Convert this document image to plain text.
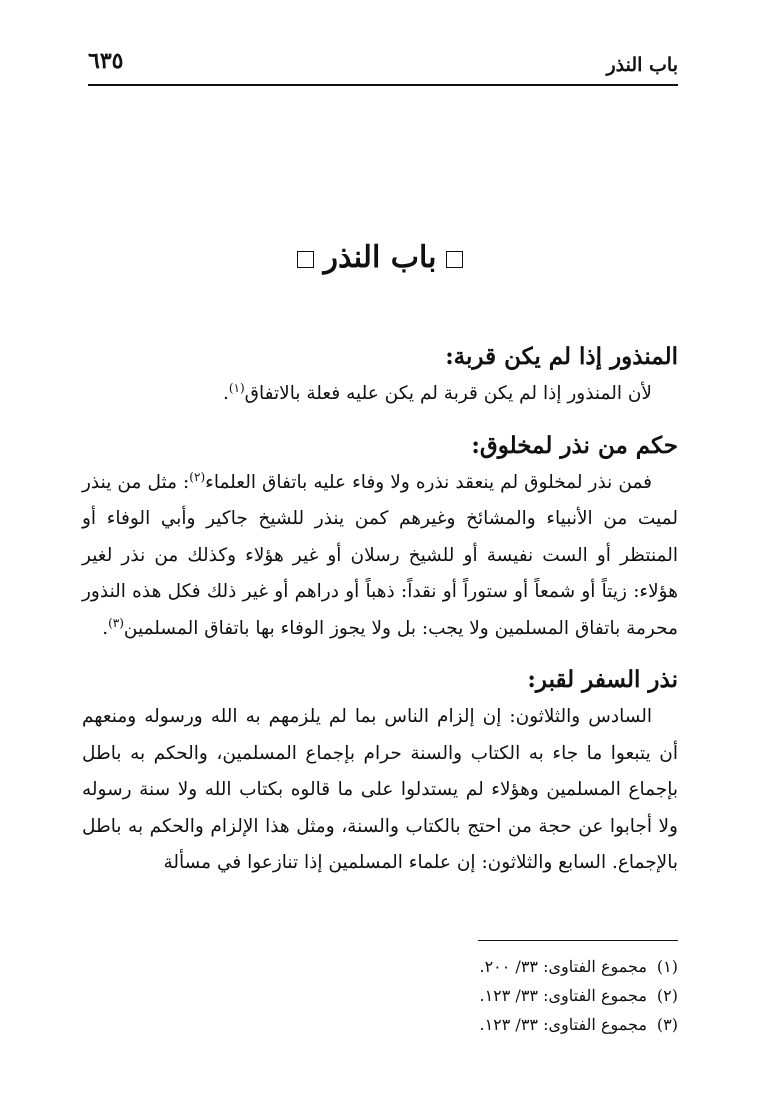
باب النذر
٦٣٥
باب النذر
المنذور إذا لم يكن قربة:

لأن المنذور إذا لم يكن قربة لم يكن عليه فعلة بالاتفاق$^{(١)}$.

حكم من نذر لمخلوق:

فمن نذر لمخلوق لم ينعقد نذره ولا وفاء عليه باتفاق العلماء$^{(٢)}$: مثل من ينذر لميت من الأنبياء والمشائخ وغيرهم كمن ينذر للشيخ جاكير وأبي الوفاء أو المنتظر أو الست نفيسة أو للشيخ رسلان أو غير هؤلاء وكذلك من نذر لغير هؤلاء: زيتاً أو شمعاً أو ستوراً أو نقداً: ذهباً أو دراهم أو غير ذلك فكل هذه النذور محرمة باتفاق المسلمين ولا يجب: بل ولا يجوز الوفاء بها باتفاق المسلمين$^{(٣)}$.

نذر السفر لقبر:

السادس والثلاثون: إن إلزام الناس بما لم يلزمهم به الله ورسوله ومنعهم أن يتبعوا ما جاء به الكتاب والسنة حرام بإجماع المسلمين، والحكم به باطل بإجماع المسلمين وهؤلاء لم يستدلوا على ما قالوه بكتاب الله ولا سنة رسوله ولا أجابوا عن حجة من احتج بالكتاب والسنة، ومثل هذا الإلزام والحكم به باطل بالإجماع. السابع والثلاثون: إن علماء المسلمين إذا تنازعوا في مسألة

(١)مجموع الفتاوى: ٣٣/ ٢٠٠.
(٢)مجموع الفتاوى: ٣٣/ ١٢٣.
(٣)مجموع الفتاوى: ٣٣/ ١٢٣.
